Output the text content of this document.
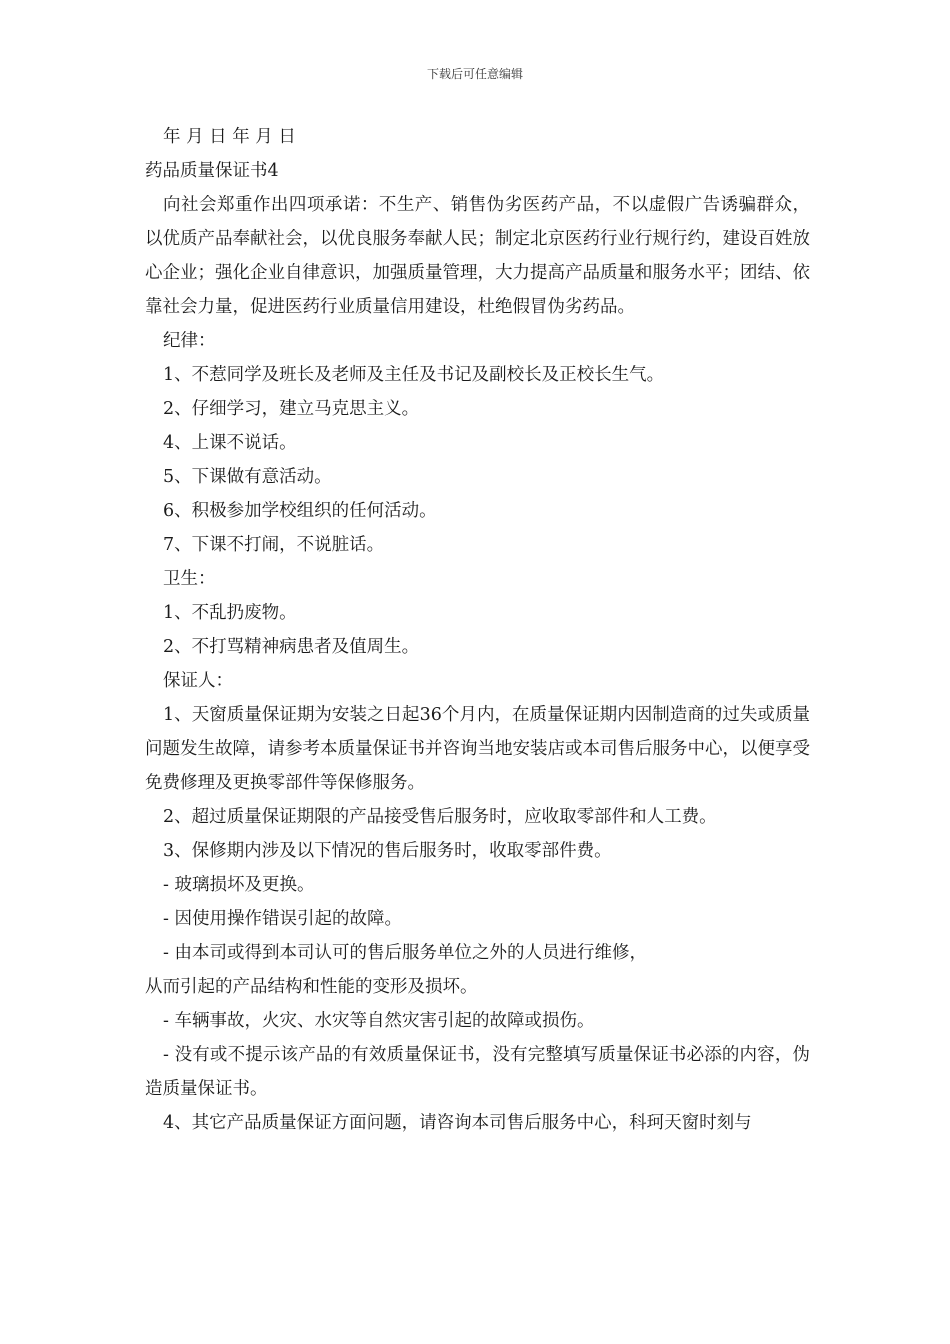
下载后可任意编辑
年 月 日 年 月 日
药品质量保证书4
向社会郑重作出四项承诺：不生产、销售伪劣医药产品，不以虚假广告诱骗群众，以优质产品奉献社会，以优良服务奉献人民；制定北京医药行业行规行约，建设百姓放心企业；强化企业自律意识，加强质量管理，大力提高产品质量和服务水平；团结、依靠社会力量，促进医药行业质量信用建设，杜绝假冒伪劣药品。
纪律：
1、不惹同学及班长及老师及主任及书记及副校长及正校长生气。
2、仔细学习，建立马克思主义。
4、上课不说话。
5、下课做有意活动。
6、积极参加学校组织的任何活动。
7、下课不打闹，不说脏话。
卫生：
1、不乱扔废物。
2、不打骂精神病患者及值周生。
保证人：
1、天窗质量保证期为安装之日起36个月内，在质量保证期内因制造商的过失或质量问题发生故障，请参考本质量保证书并咨询当地安装店或本司售后服务中心，以便享受免费修理及更换零部件等保修服务。
2、超过质量保证期限的产品接受售后服务时，应收取零部件和人工费。
3、保修期内涉及以下情况的售后服务时，收取零部件费。
- 玻璃损坏及更换。
- 因使用操作错误引起的故障。
- 由本司或得到本司认可的售后服务单位之外的人员进行维修，
从而引起的产品结构和性能的变形及损坏。
- 车辆事故，火灾、水灾等自然灾害引起的故障或损伤。
- 没有或不提示该产品的有效质量保证书，没有完整填写质量保证书必添的内容，伪造质量保证书。
4、其它产品质量保证方面问题，请咨询本司售后服务中心，科珂天窗时刻与
